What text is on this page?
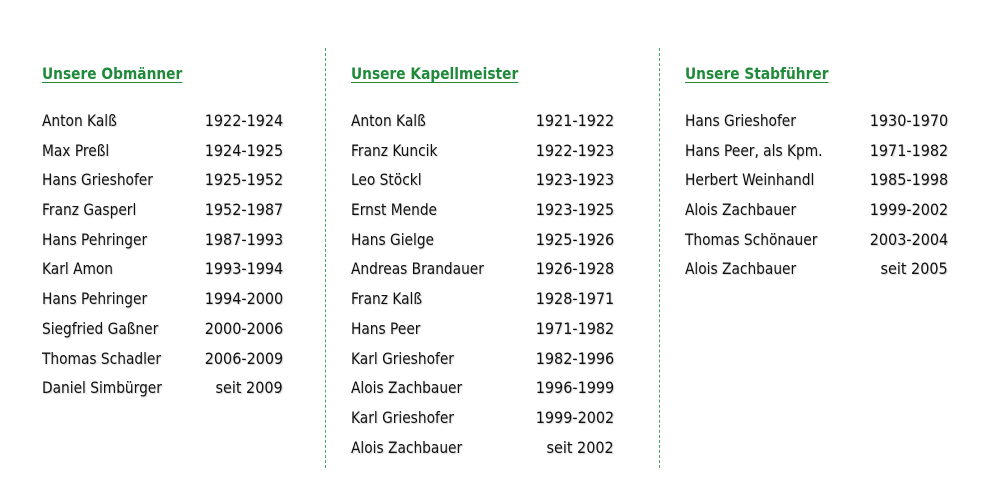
Unsere Obmänner
Anton Kalß	1922-1924
Max Preßl	1924-1925
Hans Grieshofer	1925-1952
Franz Gasperl	1952-1987
Hans Pehringer	1987-1993
Karl Amon	1993-1994
Hans Pehringer	1994-2000
Siegfried Gaßner	2000-2006
Thomas Schadler	2006-2009
Daniel Simbürger	seit 2009
Unsere Kapellmeister
Anton Kalß	1921-1922
Franz Kuncik	1922-1923
Leo Stöckl	1923-1923
Ernst Mende	1923-1925
Hans Gielge	1925-1926
Andreas Brandauer	1926-1928
Franz Kalß	1928-1971
Hans Peer	1971-1982
Karl Grieshofer	1982-1996
Alois Zachbauer	1996-1999
Karl Grieshofer	1999-2002
Alois Zachbauer	seit 2002
Unsere Stabführer
Hans Grieshofer	1930-1970
Hans Peer, als Kpm.	1971-1982
Herbert Weinhandl	1985-1998
Alois Zachbauer	1999-2002
Thomas Schönauer	2003-2004
Alois Zachbauer	seit 2005
